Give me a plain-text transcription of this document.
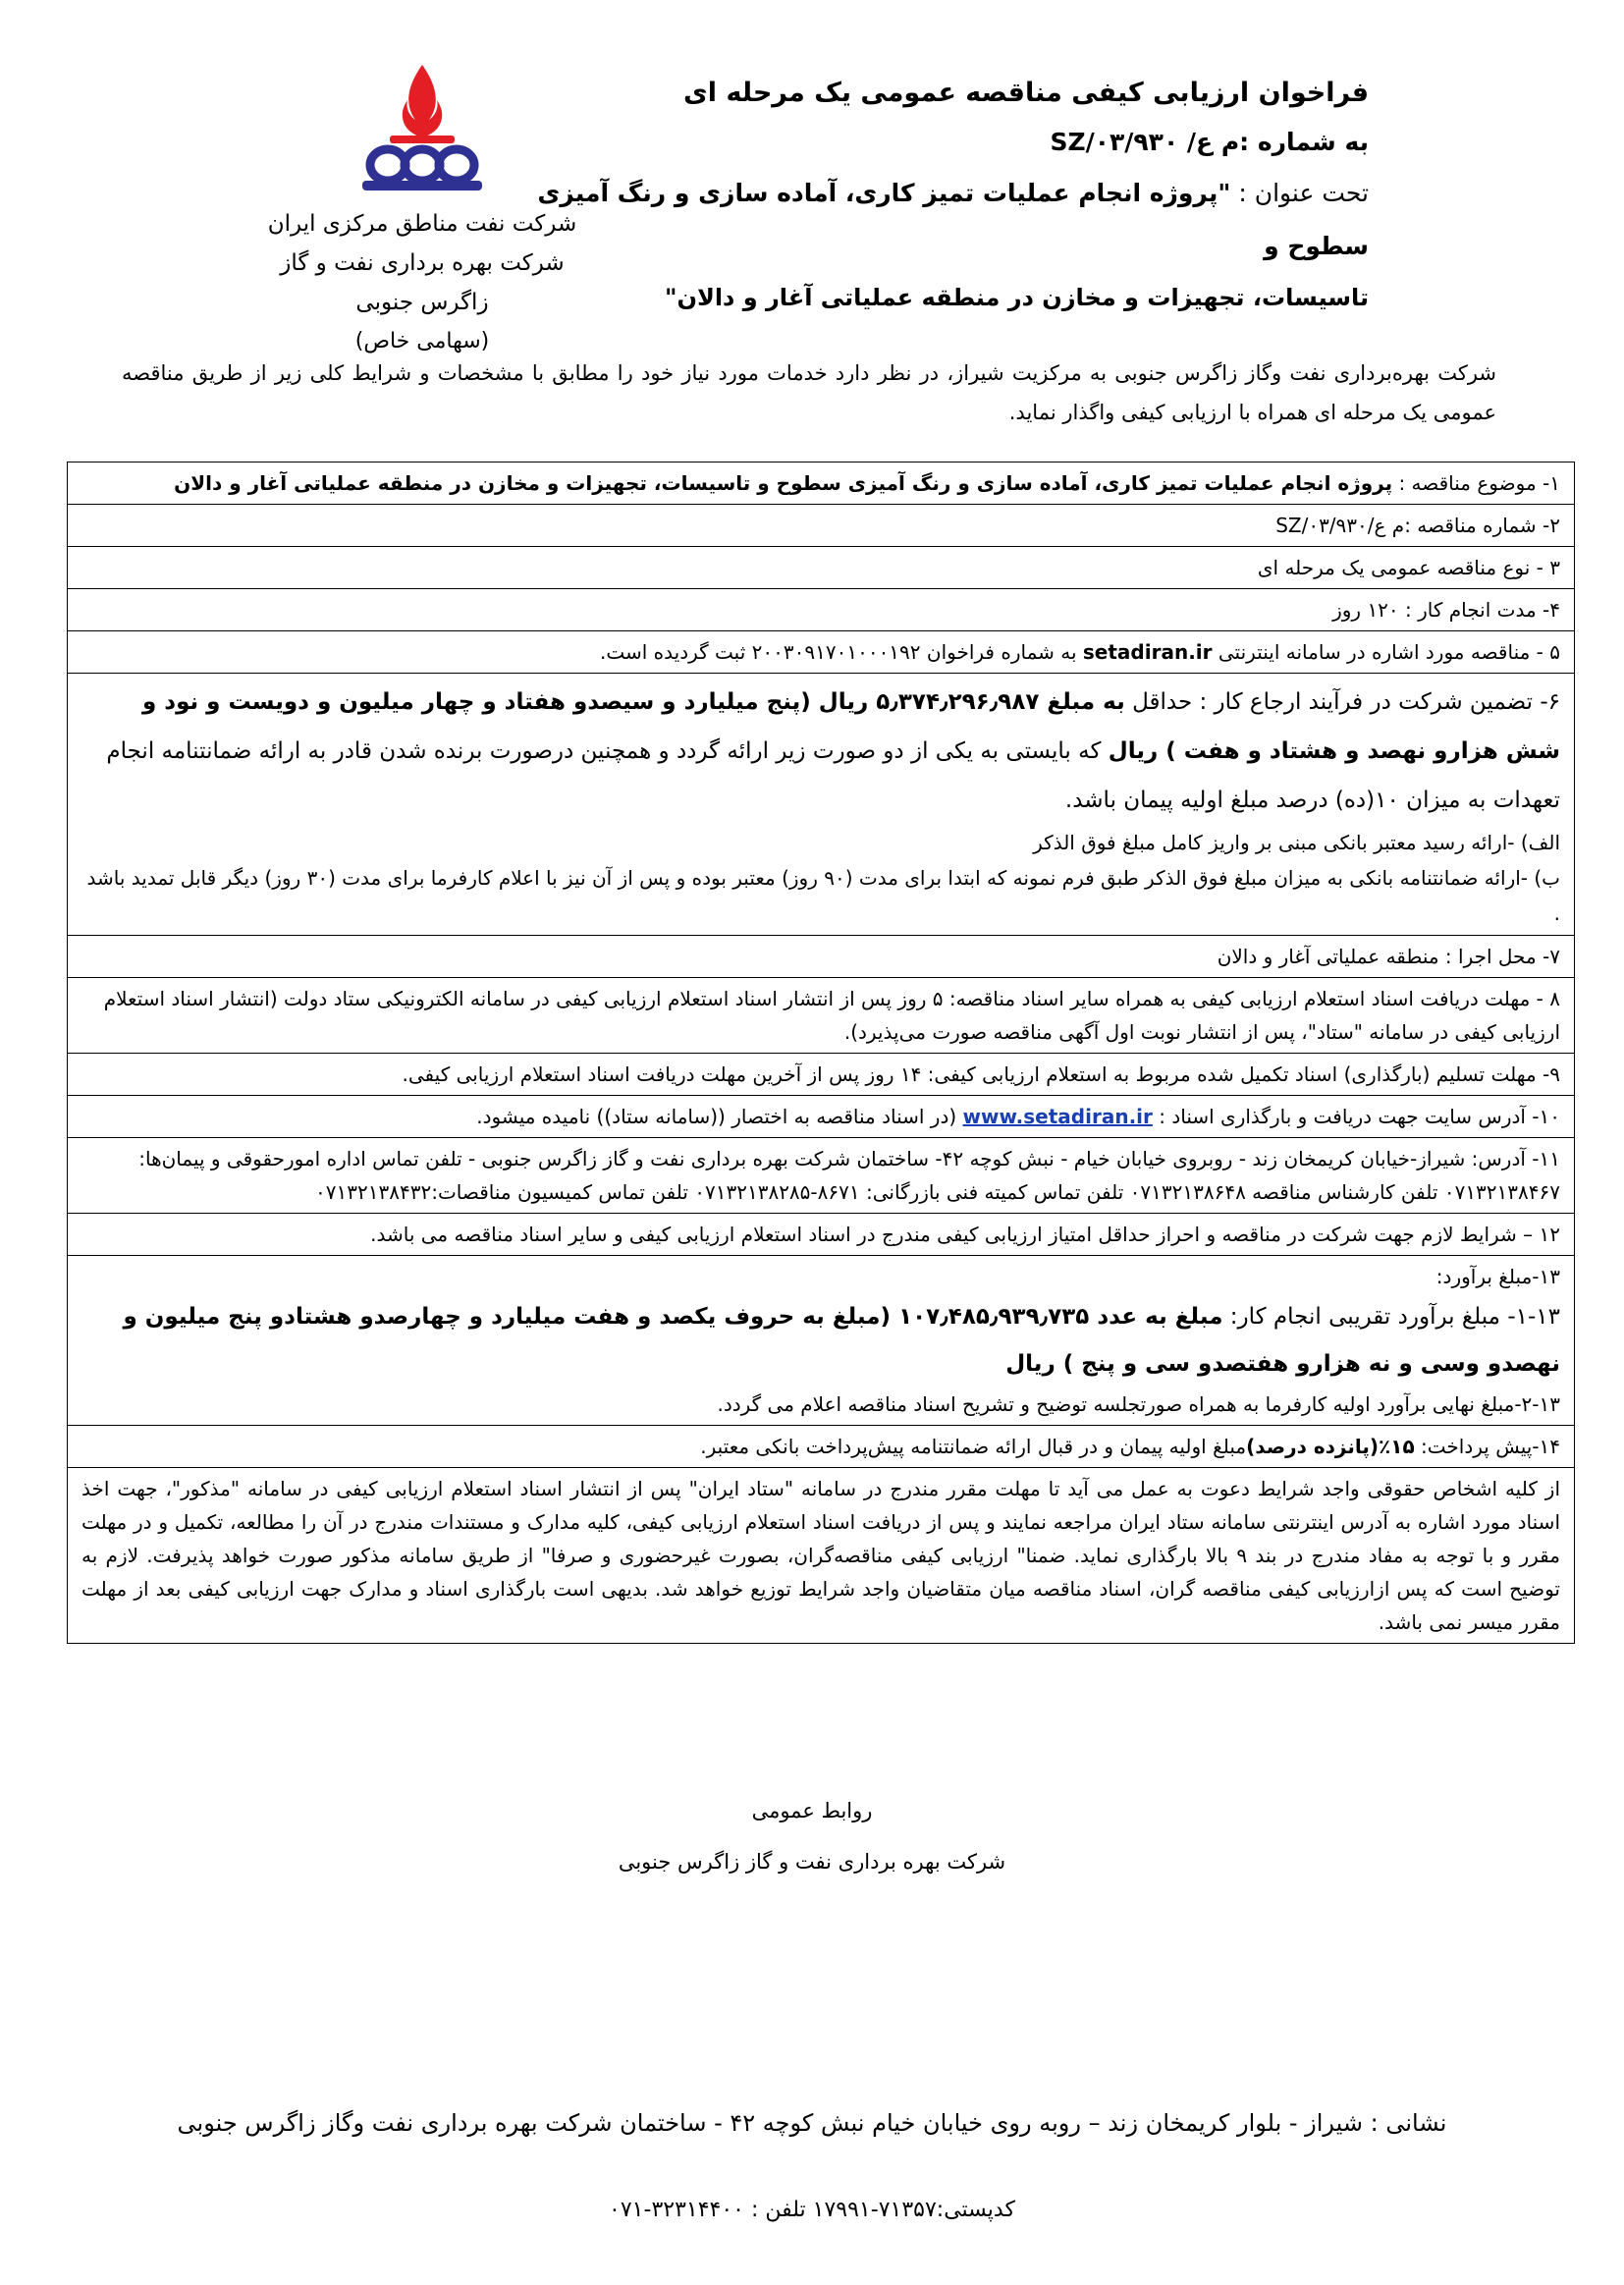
فراخوان ارزیابی کیفی مناقصه عمومی یک مرحله ای
به شماره :م ع/ SZ/۰۳/۹۳۰
تحت عنوان : "پروژه انجام عملیات تمیز کاری، آماده سازی و رنگ آمیزی سطوح و
تاسیسات، تجهیزات و مخازن در منطقه عملیاتی آغار و دالان"
شرکت نفت مناطق مرکزی ایران
شرکت بهره برداری نفت و گاز زاگرس جنوبی
(سهامی خاص)
شرکت بهره‌برداری نفت وگاز زاگرس جنوبی به مرکزیت شیراز، در نظر دارد خدمات مورد نیاز خود را مطابق با مشخصات و شرایط کلی زیر از طریق مناقصه عمومی یک مرحله ای همراه با ارزیابی کیفی واگذار نماید.
۱- موضوع مناقصه : پروژه انجام عملیات تمیز کاری، آماده سازی و رنگ آمیزی سطوح و تاسیسات، تجهیزات و مخازن در منطقه عملیاتی آغار و دالان
۲- شماره مناقصه :م ع/SZ/۰۳/۹۳۰
۳ - نوع مناقصه عمومی یک مرحله ای
۴- مدت انجام کار : ۱۲۰ روز
۵ - مناقصه مورد اشاره در سامانه اینترنتی setadiran.ir به شماره فراخوان ۲۰۰۳۰۹۱۷۰۱۰۰۰۱۹۲ ثبت گردیده است.
۶- تضمین شرکت در فرآیند ارجاع کار : حداقل به مبلغ ۵٫۳۷۴٫۲۹۶٫۹۸۷ ریال (پنج میلیارد و سیصدو هفتاد و چهار میلیون و دویست و نود و شش هزارو نهصد و هشتاد و هفت ) ریال که بایستی به یکی از دو صورت زیر ارائه گردد و همچنین درصورت برنده شدن قادر به ارائه ضمانتنامه انجام تعهدات به میزان ۱۰(ده) درصد مبلغ اولیه پیمان باشد.
الف) -ارائه رسید معتبر بانکی مبنی بر واریز کامل مبلغ فوق الذکر
ب) -ارائه ضمانتنامه بانکی به میزان مبلغ فوق الذکر طبق فرم نمونه که ابتدا برای مدت (۹۰ روز) معتبر بوده و پس از آن نیز با اعلام کارفرما برای مدت (۳۰ روز) دیگر قابل تمدید باشد .

۷- محل اجرا : منطقه عملیاتی آغار و دالان
۸ - مهلت دریافت اسناد استعلام ارزیابی کیفی به همراه سایر اسناد مناقصه: ۵ روز پس از انتشار اسناد استعلام ارزیابی کیفی در سامانه الکترونیکی ستاد دولت (انتشار اسناد استعلام ارزیابی کیفی در سامانه "ستاد"، پس از انتشار نوبت اول آگهی مناقصه صورت می‌پذیرد).
۹- مهلت تسلیم (بارگذاری) اسناد تکمیل شده مربوط به استعلام ارزیابی کیفی: ۱۴ روز پس از آخرین مهلت دریافت اسناد استعلام ارزیابی کیفی.
۱۰- آدرس سایت جهت دریافت و بارگذاری اسناد : www.setadiran.ir (در اسناد مناقصه به اختصار ((سامانه ستاد)) نامیده میشود.
۱۱- آدرس: شیراز-خیابان کریمخان زند - روبروی خیابان خیام - نبش کوچه ۴۲- ساختمان شرکت بهره برداری نفت و گاز زاگرس جنوبی - تلفن تماس اداره امورحقوقی و پیمان‌ها: ۰۷۱۳۲۱۳۸۴۶۷ تلفن کارشناس مناقصه ۰۷۱۳۲۱۳۸۶۴۸ تلفن تماس کمیته فنی بازرگانی: ۸۶۷۱-۰۷۱۳۲۱۳۸۲۸۵ تلفن تماس کمیسیون مناقصات:۰۷۱۳۲۱۳۸۴۳۲
۱۲ – شرایط لازم جهت شرکت در مناقصه و احراز حداقل امتیاز ارزیابی کیفی مندرج در اسناد استعلام ارزیابی کیفی و سایر اسناد مناقصه می باشد.

۱۳-مبلغ برآورد:
۱-۱۳- مبلغ برآورد تقریبی انجام کار: مبلغ به عدد ۱۰۷٫۴۸۵٫۹۳۹٫۷۳۵ (مبلغ به حروف یکصد و هفت میلیارد و چهارصدو هشتادو پنج میلیون و نهصدو وسی و نه هزارو هفتصدو سی و پنج ) ریال
۲-۱۳-مبلغ نهایی برآورد اولیه کارفرما به همراه صورتجلسه توضیح و تشریح اسناد مناقصه اعلام می گردد.

۱۴-پیش پرداخت: ۱۵٪(پانزده درصد)مبلغ اولیه پیمان و در قبال ارائه ضمانتنامه پیش‌پرداخت بانکی معتبر.
از کلیه اشخاص حقوقی واجد شرایط دعوت به عمل می آید تا مهلت مقرر مندرج در سامانه "ستاد ایران" پس از انتشار اسناد استعلام ارزیابی کیفی در سامانه "مذکور"، جهت اخذ اسناد مورد اشاره به آدرس اینترنتی سامانه ستاد ایران مراجعه نمایند و پس از دریافت اسناد استعلام ارزیابی کیفی، کلیه مدارک و مستندات مندرج در آن را مطالعه، تکمیل و در مهلت مقرر و با توجه به مفاد مندرج در بند ۹ بالا بارگذاری نماید. ضمنا" ارزیابی کیفی مناقصه‌گران، بصورت غیرحضوری و صرفا" از طریق سامانه مذکور صورت خواهد پذیرفت. لازم به توضیح است که پس ازارزیابی کیفی مناقصه گران، اسناد مناقصه میان متقاضیان واجد شرایط توزیع خواهد شد. بدیهی است بارگذاری اسناد و مدارک جهت ارزیابی کیفی بعد از مهلت مقرر میسر نمی باشد.
روابط عمومی
شرکت بهره برداری نفت و گاز زاگرس جنوبی
نشانی : شیراز - بلوار کریمخان زند – روبه روی خیابان خیام نبش کوچه ۴۲ - ساختمان شرکت بهره برداری نفت وگاز زاگرس جنوبی
کدپستی:۷۱۳۵۷-۱۷۹۹۱ تلفن : ۳۲۳۱۴۴۰۰-۰۷۱
